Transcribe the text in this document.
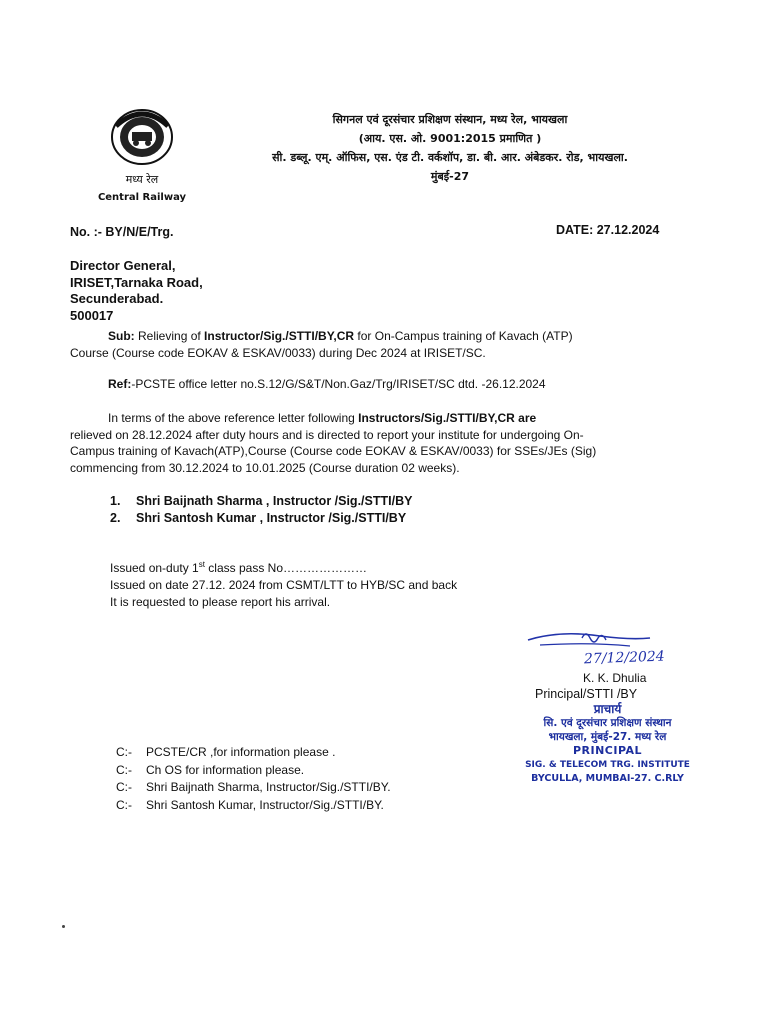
मध्य रेल
Central Railway
सिगनल एवं दूरसंचार प्रशिक्षण संस्थान, मध्य रेल, भायखला
(आय. एस. ओ. 9001:2015 प्रमाणित )
सी. डब्लू. एम्. ऑफिस, एस. एंड टी. वर्कशॉप, डा. बी. आर. अंबेडकर. रोड, भायखला.
मुंबई-27
No. :- BY/N/E/Trg.	DATE: 27.12.2024
Director General,
IRISET,Tarnaka Road,
Secunderabad.
500017
Sub: Relieving of Instructor/Sig./STTI/BY,CR for On-Campus training of Kavach (ATP)
Course (Course code EOKAV & ESKAV/0033) during Dec 2024 at IRISET/SC.
Ref:-PCSTE office letter no.S.12/G/S&T/Non.Gaz/Trg/IRISET/SC dtd. -26.12.2024
In terms of the above reference letter following Instructors/Sig./STTI/BY,CR are
relieved on 28.12.2024 after duty hours and is directed to report your institute for undergoing On-
Campus training of Kavach(ATP),Course (Course code EOKAV & ESKAV/0033) for SSEs/JEs (Sig)
commencing from 30.12.2024 to 10.01.2025 (Course duration 02 weeks).
1. Shri Baijnath Sharma , Instructor /Sig./STTI/BY
2. Shri Santosh Kumar , Instructor /Sig./STTI/BY
Issued on-duty 1st class pass No…………………
Issued on date 27.12. 2024 from CSMT/LTT to HYB/SC and back
It is requested to please report his arrival.
27/12/2024
K. K. Dhulia
Principal/STTI /BY
प्राचार्य
सि. एवं दूरसंचार प्रशिक्षण संस्थान
भायखला, मुंबई-27. मध्य रेल
PRINCIPAL
SIG. & TELECOM TRG. INSTITUTE
BYCULLA, MUMBAI-27. C.RLY
C:- PCSTE/CR ,for information please .
C:- Ch OS for information please.
C:- Shri Baijnath Sharma, Instructor/Sig./STTI/BY.
C:- Shri Santosh Kumar, Instructor/Sig./STTI/BY.
